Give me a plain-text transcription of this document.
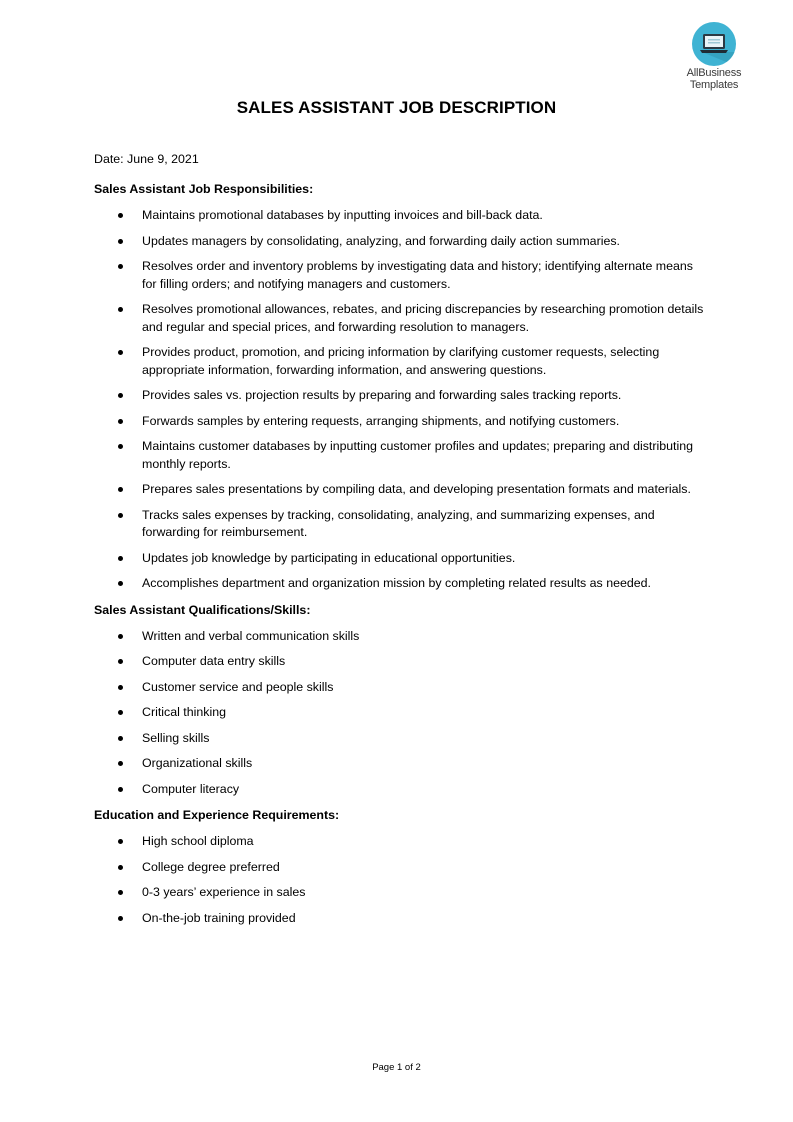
AllBusiness
Templates
SALES ASSISTANT JOB DESCRIPTION
Date: June 9, 2021
Sales Assistant Job Responsibilities:
Maintains promotional databases by inputting invoices and bill-back data.
Updates managers by consolidating, analyzing, and forwarding daily action summaries.
Resolves order and inventory problems by investigating data and history; identifying alternate means for filling orders; and notifying managers and customers.
Resolves promotional allowances, rebates, and pricing discrepancies by researching promotion details and regular and special prices, and forwarding resolution to managers.
Provides product, promotion, and pricing information by clarifying customer requests, selecting appropriate information, forwarding information, and answering questions.
Provides sales vs. projection results by preparing and forwarding sales tracking reports.
Forwards samples by entering requests, arranging shipments, and notifying customers.
Maintains customer databases by inputting customer profiles and updates; preparing and distributing monthly reports.
Prepares sales presentations by compiling data, and developing presentation formats and materials.
Tracks sales expenses by tracking, consolidating, analyzing, and summarizing expenses, and forwarding for reimbursement.
Updates job knowledge by participating in educational opportunities.
Accomplishes department and organization mission by completing related results as needed.
Sales Assistant Qualifications/Skills:
Written and verbal communication skills
Computer data entry skills
Customer service and people skills
Critical thinking
Selling skills
Organizational skills
Computer literacy
Education and Experience Requirements:
High school diploma
College degree preferred
0-3 years’ experience in sales
On-the-job training provided
Page 1 of 2
